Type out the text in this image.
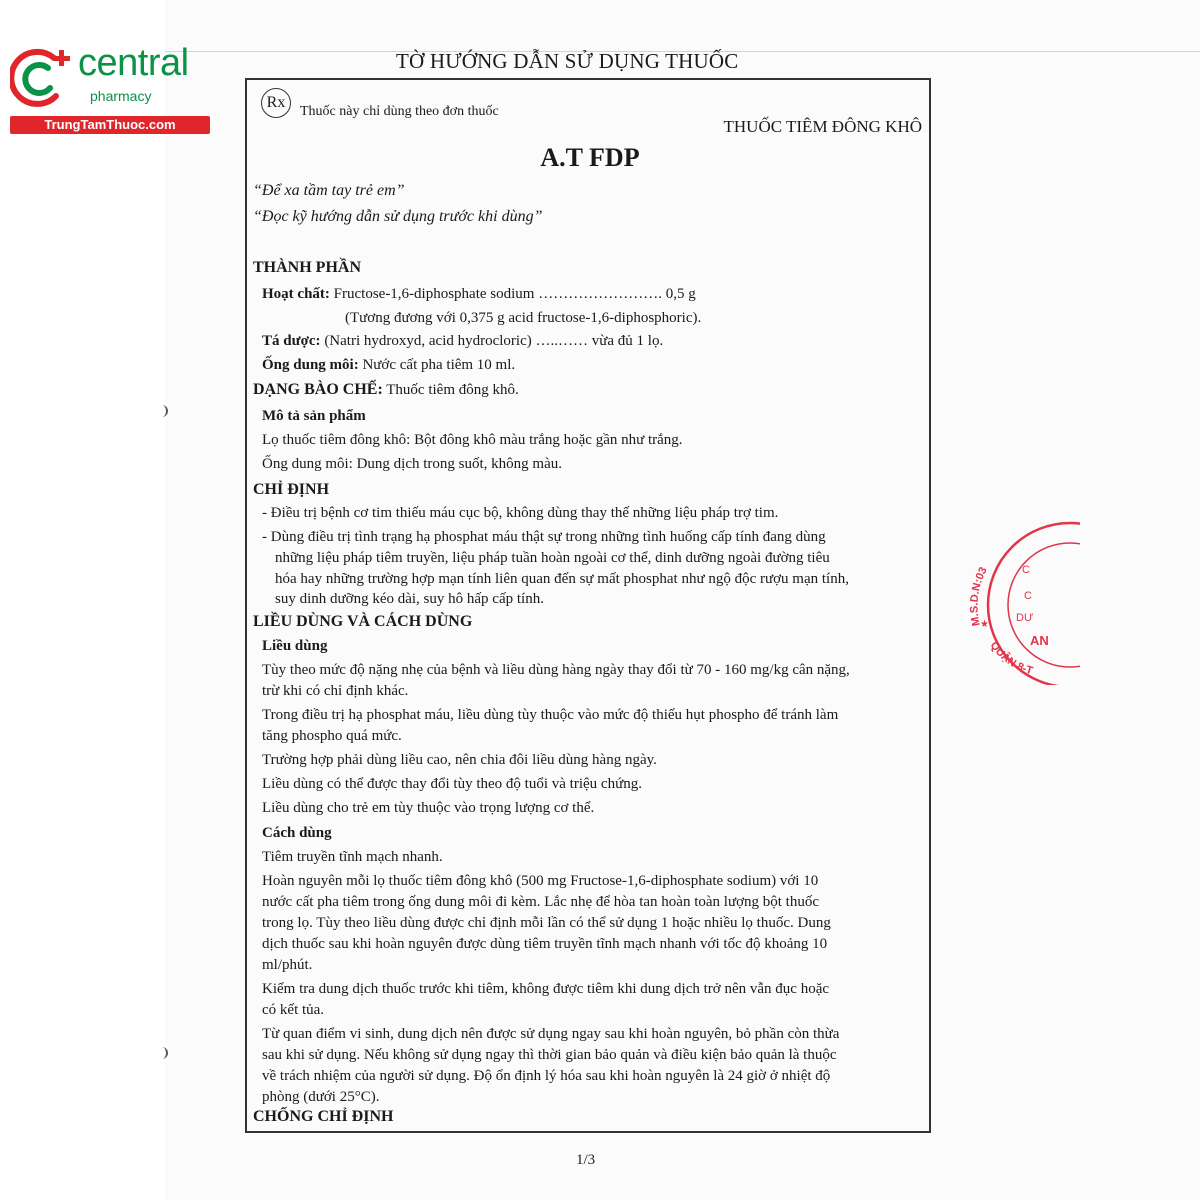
central
pharmacy
TrungTamThuoc.com
TỜ HƯỚNG DẪN SỬ DỤNG THUỐC
Rx
Thuốc này chỉ dùng theo đơn thuốc
THUỐC TIÊM ĐÔNG KHÔ
A.T FDP
“Để xa tầm tay trẻ em”
“Đọc kỹ hướng dẫn sử dụng trước khi dùng”
THÀNH PHẦN
Hoạt chất: Fructose-1,6-diphosphate sodium ……………………. 0,5 g
(Tương đương với 0,375 g acid fructose-1,6-diphosphoric).
Tá dược: (Natri hydroxyd, acid hydrocloric) …..…… vừa đủ 1 lọ.
Ống dung môi: Nước cất pha tiêm 10 ml.
DẠNG BÀO CHẾ: Thuốc tiêm đông khô.
Mô tả sản phẩm
Lọ thuốc tiêm đông khô: Bột đông khô màu trắng hoặc gần như trắng.
Ống dung môi: Dung dịch trong suốt, không màu.
CHỈ ĐỊNH
- Điều trị bệnh cơ tim thiếu máu cục bộ, không dùng thay thế những liệu pháp trợ tim.
- Dùng điều trị tình trạng hạ phosphat máu thật sự trong những tình huống cấp tính đang dùng
những liệu pháp tiêm truyền, liệu pháp tuần hoàn ngoài cơ thể, dinh dưỡng ngoài đường tiêu
hóa hay những trường hợp mạn tính liên quan đến sự mất phosphat như ngộ độc rượu mạn tính,
suy dinh dưỡng kéo dài, suy hô hấp cấp tính.
LIỀU DÙNG VÀ CÁCH DÙNG
Liều dùng
Tùy theo mức độ nặng nhẹ của bệnh và liều dùng hàng ngày thay đổi từ 70 - 160 mg/kg cân nặng,
trừ khi có chỉ định khác.
Trong điều trị hạ phosphat máu, liều dùng tùy thuộc vào mức độ thiếu hụt phospho để tránh làm
tăng phospho quá mức.
Trường hợp phải dùng liều cao, nên chia đôi liều dùng hàng ngày.
Liều dùng có thể được thay đổi tùy theo độ tuổi và triệu chứng.
Liều dùng cho trẻ em tùy thuộc vào trọng lượng cơ thể.
Cách dùng
Tiêm truyền tĩnh mạch nhanh.
Hoàn nguyên mỗi lọ thuốc tiêm đông khô (500 mg Fructose-1,6-diphosphate sodium) với 10
nước cất pha tiêm trong ống dung môi đi kèm. Lắc nhẹ để hòa tan hoàn toàn lượng bột thuốc
trong lọ. Tùy theo liều dùng được chỉ định mỗi lần có thể sử dụng 1 hoặc nhiều lọ thuốc. Dung
dịch thuốc sau khi hoàn nguyên được dùng tiêm truyền tĩnh mạch nhanh với tốc độ khoảng 10
ml/phút.
Kiểm tra dung dịch thuốc trước khi tiêm, không được tiêm khi dung dịch trở nên vẫn đục hoặc
có kết tủa.
Từ quan điểm vi sinh, dung dịch nên được sử dụng ngay sau khi hoàn nguyên, bỏ phần còn thừa
sau khi sử dụng. Nếu không sử dụng ngay thì thời gian bảo quản và điều kiện bảo quản là thuộc
về trách nhiệm của người sử dụng. Độ ổn định lý hóa sau khi hoàn nguyên là 24 giờ ở nhiệt độ
phòng (dưới 25°C).
CHỐNG CHỈ ĐỊNH
M.S.D.N:03
QUẬN 8-T
C
C
DƯ
AN
★
1/3
